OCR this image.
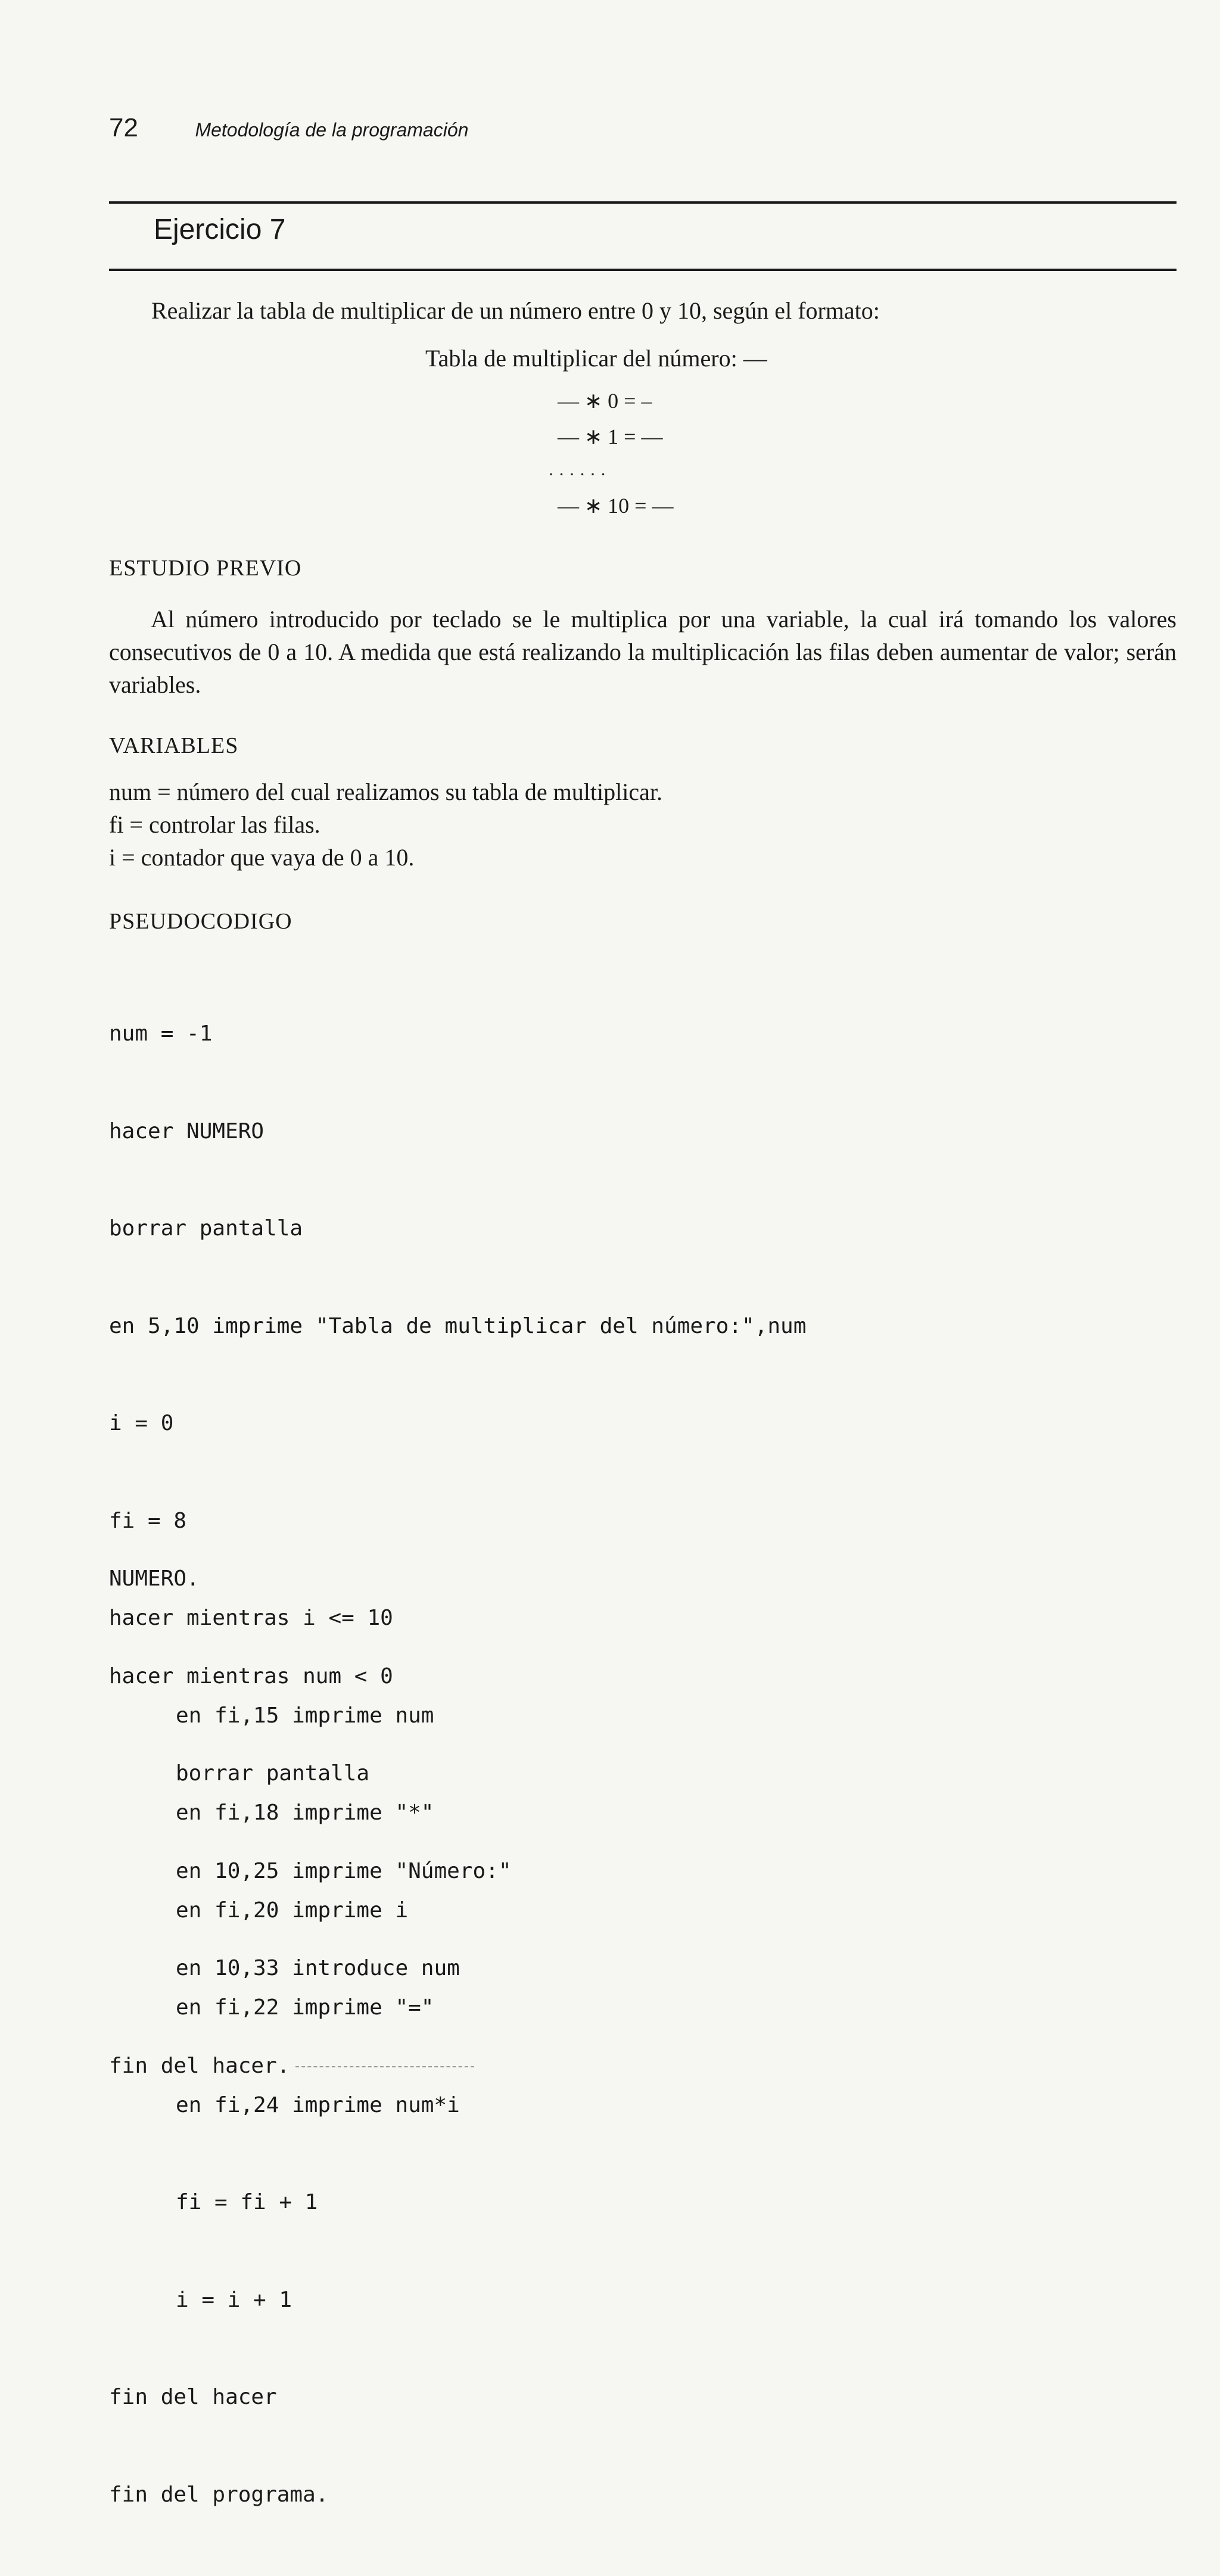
72	Metodología de la programación
Ejercicio 7
Realizar la tabla de multiplicar de un número entre 0 y 10, según el formato:
Tabla de multiplicar del número: ––
–– ∗ 0 = –
–– ∗ 1 = ––
· · · · · ·
–– ∗ 10 = ––
ESTUDIO PREVIO

Al número introducido por teclado se le multiplica por una variable, la cual irá tomando los valores consecutivos de 0 a 10. A medida que está realizando la multiplicación las filas deben aumentar de valor; serán variables.

VARIABLES
num = número del cual realizamos su tabla de multiplicar.
fi = controlar las filas.
i = contador que vaya de 0 a 10.
PSEUDOCODIGO

num = -1

hacer NUMERO

borrar pantalla

en 5,10 imprime "Tabla de multiplicar del número:",num

i = 0

fi = 8

hacer mientras i <= 10

en fi,15 imprime num

en fi,18 imprime "*"

en fi,20 imprime i

en fi,22 imprime "="

en fi,24 imprime num*i

fi = fi + 1

i = i + 1

fin del hacer

fin del programa.

NUMERO.

hacer mientras num < 0

borrar pantalla

en 10,25 imprime "Número:"

en 10,33 introduce num

fin del hacer.
